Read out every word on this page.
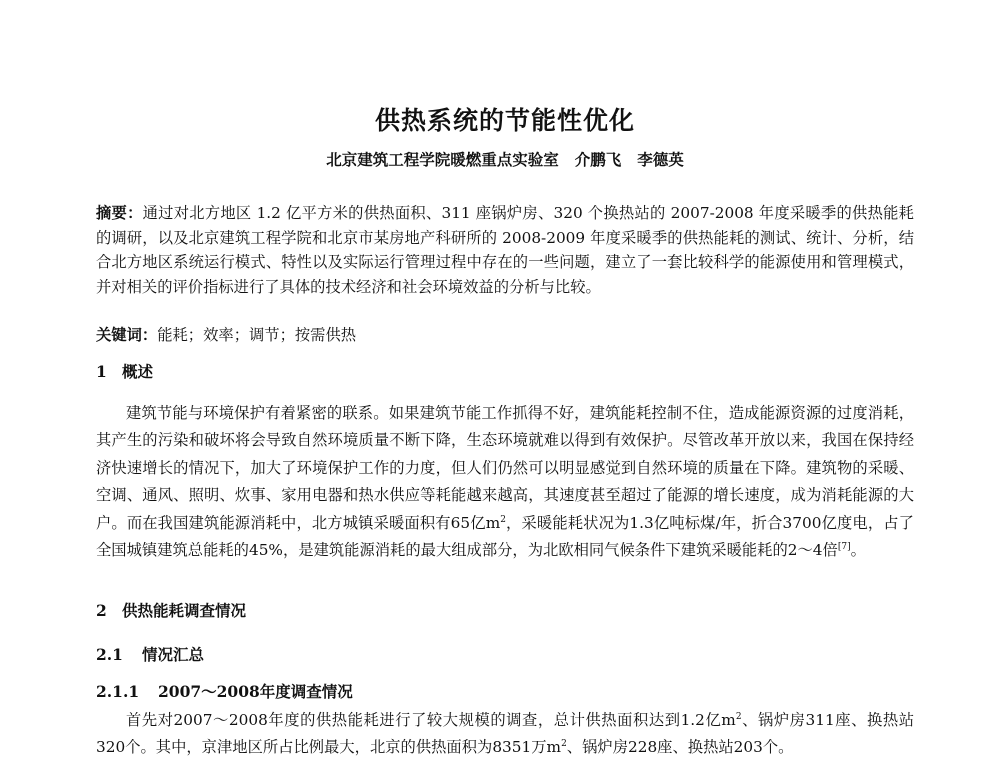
供热系统的节能性优化
北京建筑工程学院暖燃重点实验室 介鹏飞 李德英
摘要：通过对北方地区 1.2 亿平方米的供热面积、311 座锅炉房、320 个换热站的 2007-2008 年度采暖季的供热能耗的调研，以及北京建筑工程学院和北京市某房地产科研所的 2008-2009 年度采暖季的供热能耗的测试、统计、分析，结合北方地区系统运行模式、特性以及实际运行管理过程中存在的一些问题，建立了一套比较科学的能源使用和管理模式，并对相关的评价指标进行了具体的技术经济和社会环境效益的分析与比较。
关键词：能耗；效率；调节；按需供热
1 概述
建筑节能与环境保护有着紧密的联系。如果建筑节能工作抓得不好，建筑能耗控制不住，造成能源资源的过度消耗，其产生的污染和破坏将会导致自然环境质量不断下降，生态环境就难以得到有效保护。尽管改革开放以来，我国在保持经济快速增长的情况下，加大了环境保护工作的力度，但人们仍然可以明显感觉到自然环境的质量在下降。建筑物的采暖、空调、通风、照明、炊事、家用电器和热水供应等耗能越来越高，其速度甚至超过了能源的增长速度，成为消耗能源的大户。而在我国建筑能源消耗中，北方城镇采暖面积有65亿$m^2$，采暖能耗状况为1.3亿吨标煤/年，折合3700亿度电，占了全国城镇建筑总能耗的45%，是建筑能源消耗的最大组成部分，为北欧相同气候条件下建筑采暖能耗的2～4倍[7]。
2 供热能耗调查情况
2.1 情况汇总
2.1.1 2007～2008年度调查情况
首先对2007～2008年度的供热能耗进行了较大规模的调查，总计供热面积达到1.2亿$m^2$、锅炉房311座、换热站320个。其中，京津地区所占比例最大，北京的供热面积为8351万$m^2$、锅炉房228座、换热站203个。
